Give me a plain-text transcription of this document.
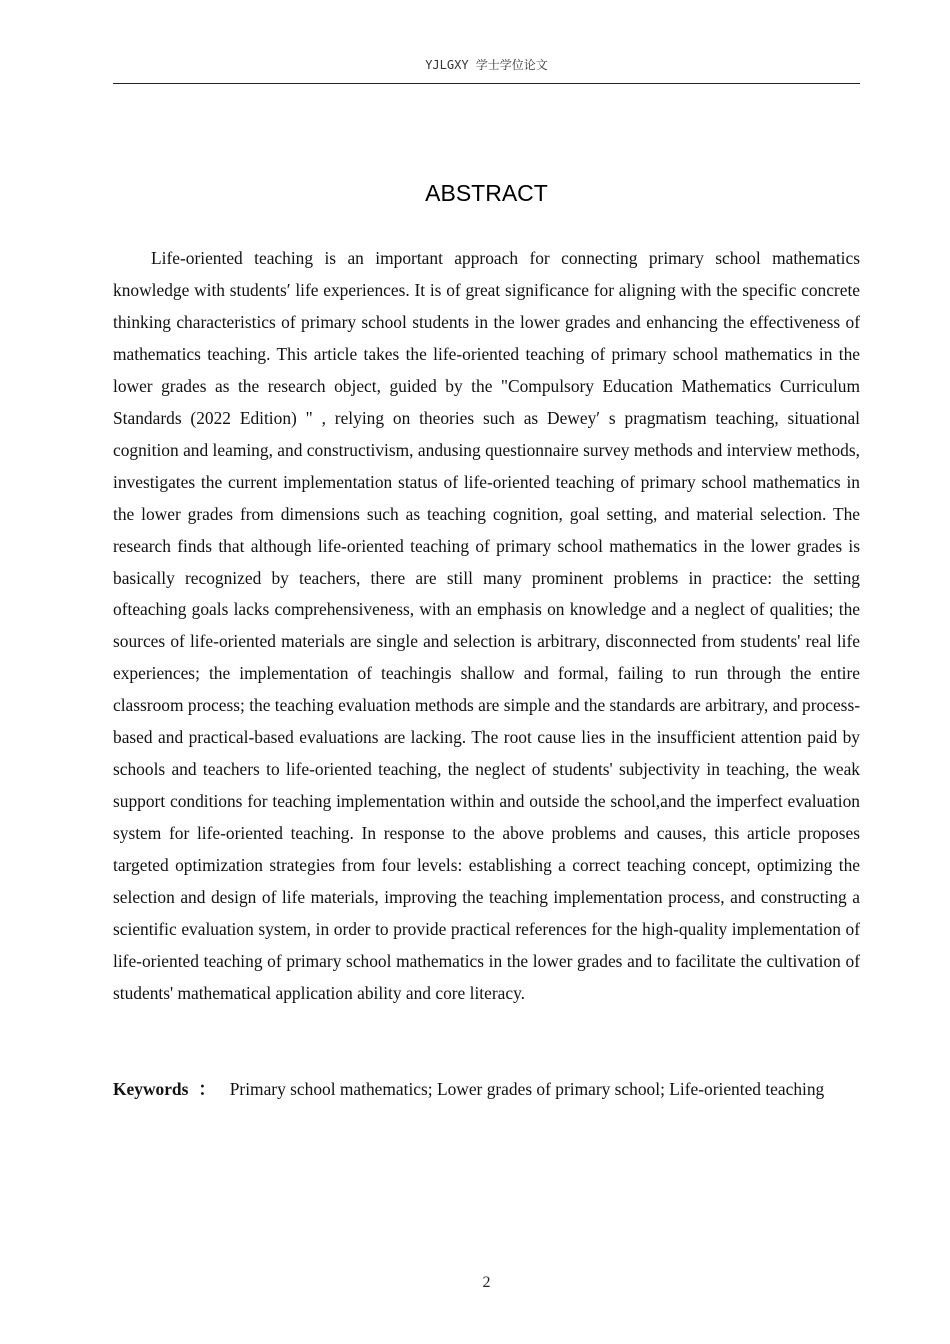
YJLGXY 学士学位论文
ABSTRACT

Life-oriented teaching is an important approach for connecting primary school mathematics knowledge with students′ life experiences. It is of great significance for aligning with the specific concrete thinking characteristics of primary school students in the lower grades and enhancing the effectiveness of mathematics teaching. This article takes the life-oriented teaching of primary school mathematics in the lower grades as the research object, guided by the "Compulsory Education Mathematics Curriculum Standards (2022 Edition) " , relying on theories such as Dewey′ s pragmatism teaching, situational cognition and leaming, and constructivism, andusing questionnaire survey methods and interview methods, investigates the current implementation status of life-oriented teaching of primary school mathematics in the lower grades from dimensions such as teaching cognition, goal setting, and material selection. The research finds that although life-oriented teaching of primary school mathematics in the lower grades is basically recognized by teachers, there are still many prominent problems in practice: the setting ofteaching goals lacks comprehensiveness, with an emphasis on knowledge and a neglect of qualities; the sources of life-oriented materials are single and selection is arbitrary, disconnected from students' real life experiences; the implementation of teachingis shallow and formal, failing to run through the entire classroom process; the teaching evaluation methods are simple and the standards are arbitrary, and process-based and practical-based evaluations are lacking. The root cause lies in the insufficient attention paid by schools and teachers to life-oriented teaching, the neglect of students' subjectivity in teaching, the weak support conditions for teaching implementation within and outside the school,and the imperfect evaluation system for life-oriented teaching. In response to the above problems and causes, this article proposes targeted optimization strategies from four levels: establishing a correct teaching concept, optimizing the selection and design of life materials, improving the teaching implementation process, and constructing a scientific evaluation system, in order to provide practical references for the high-quality implementation of life-oriented teaching of primary school mathematics in the lower grades and to facilitate the cultivation of students' mathematical application ability and core literacy.

Keywords ： Primary school mathematics; Lower grades of primary school; Life-oriented teaching

2
